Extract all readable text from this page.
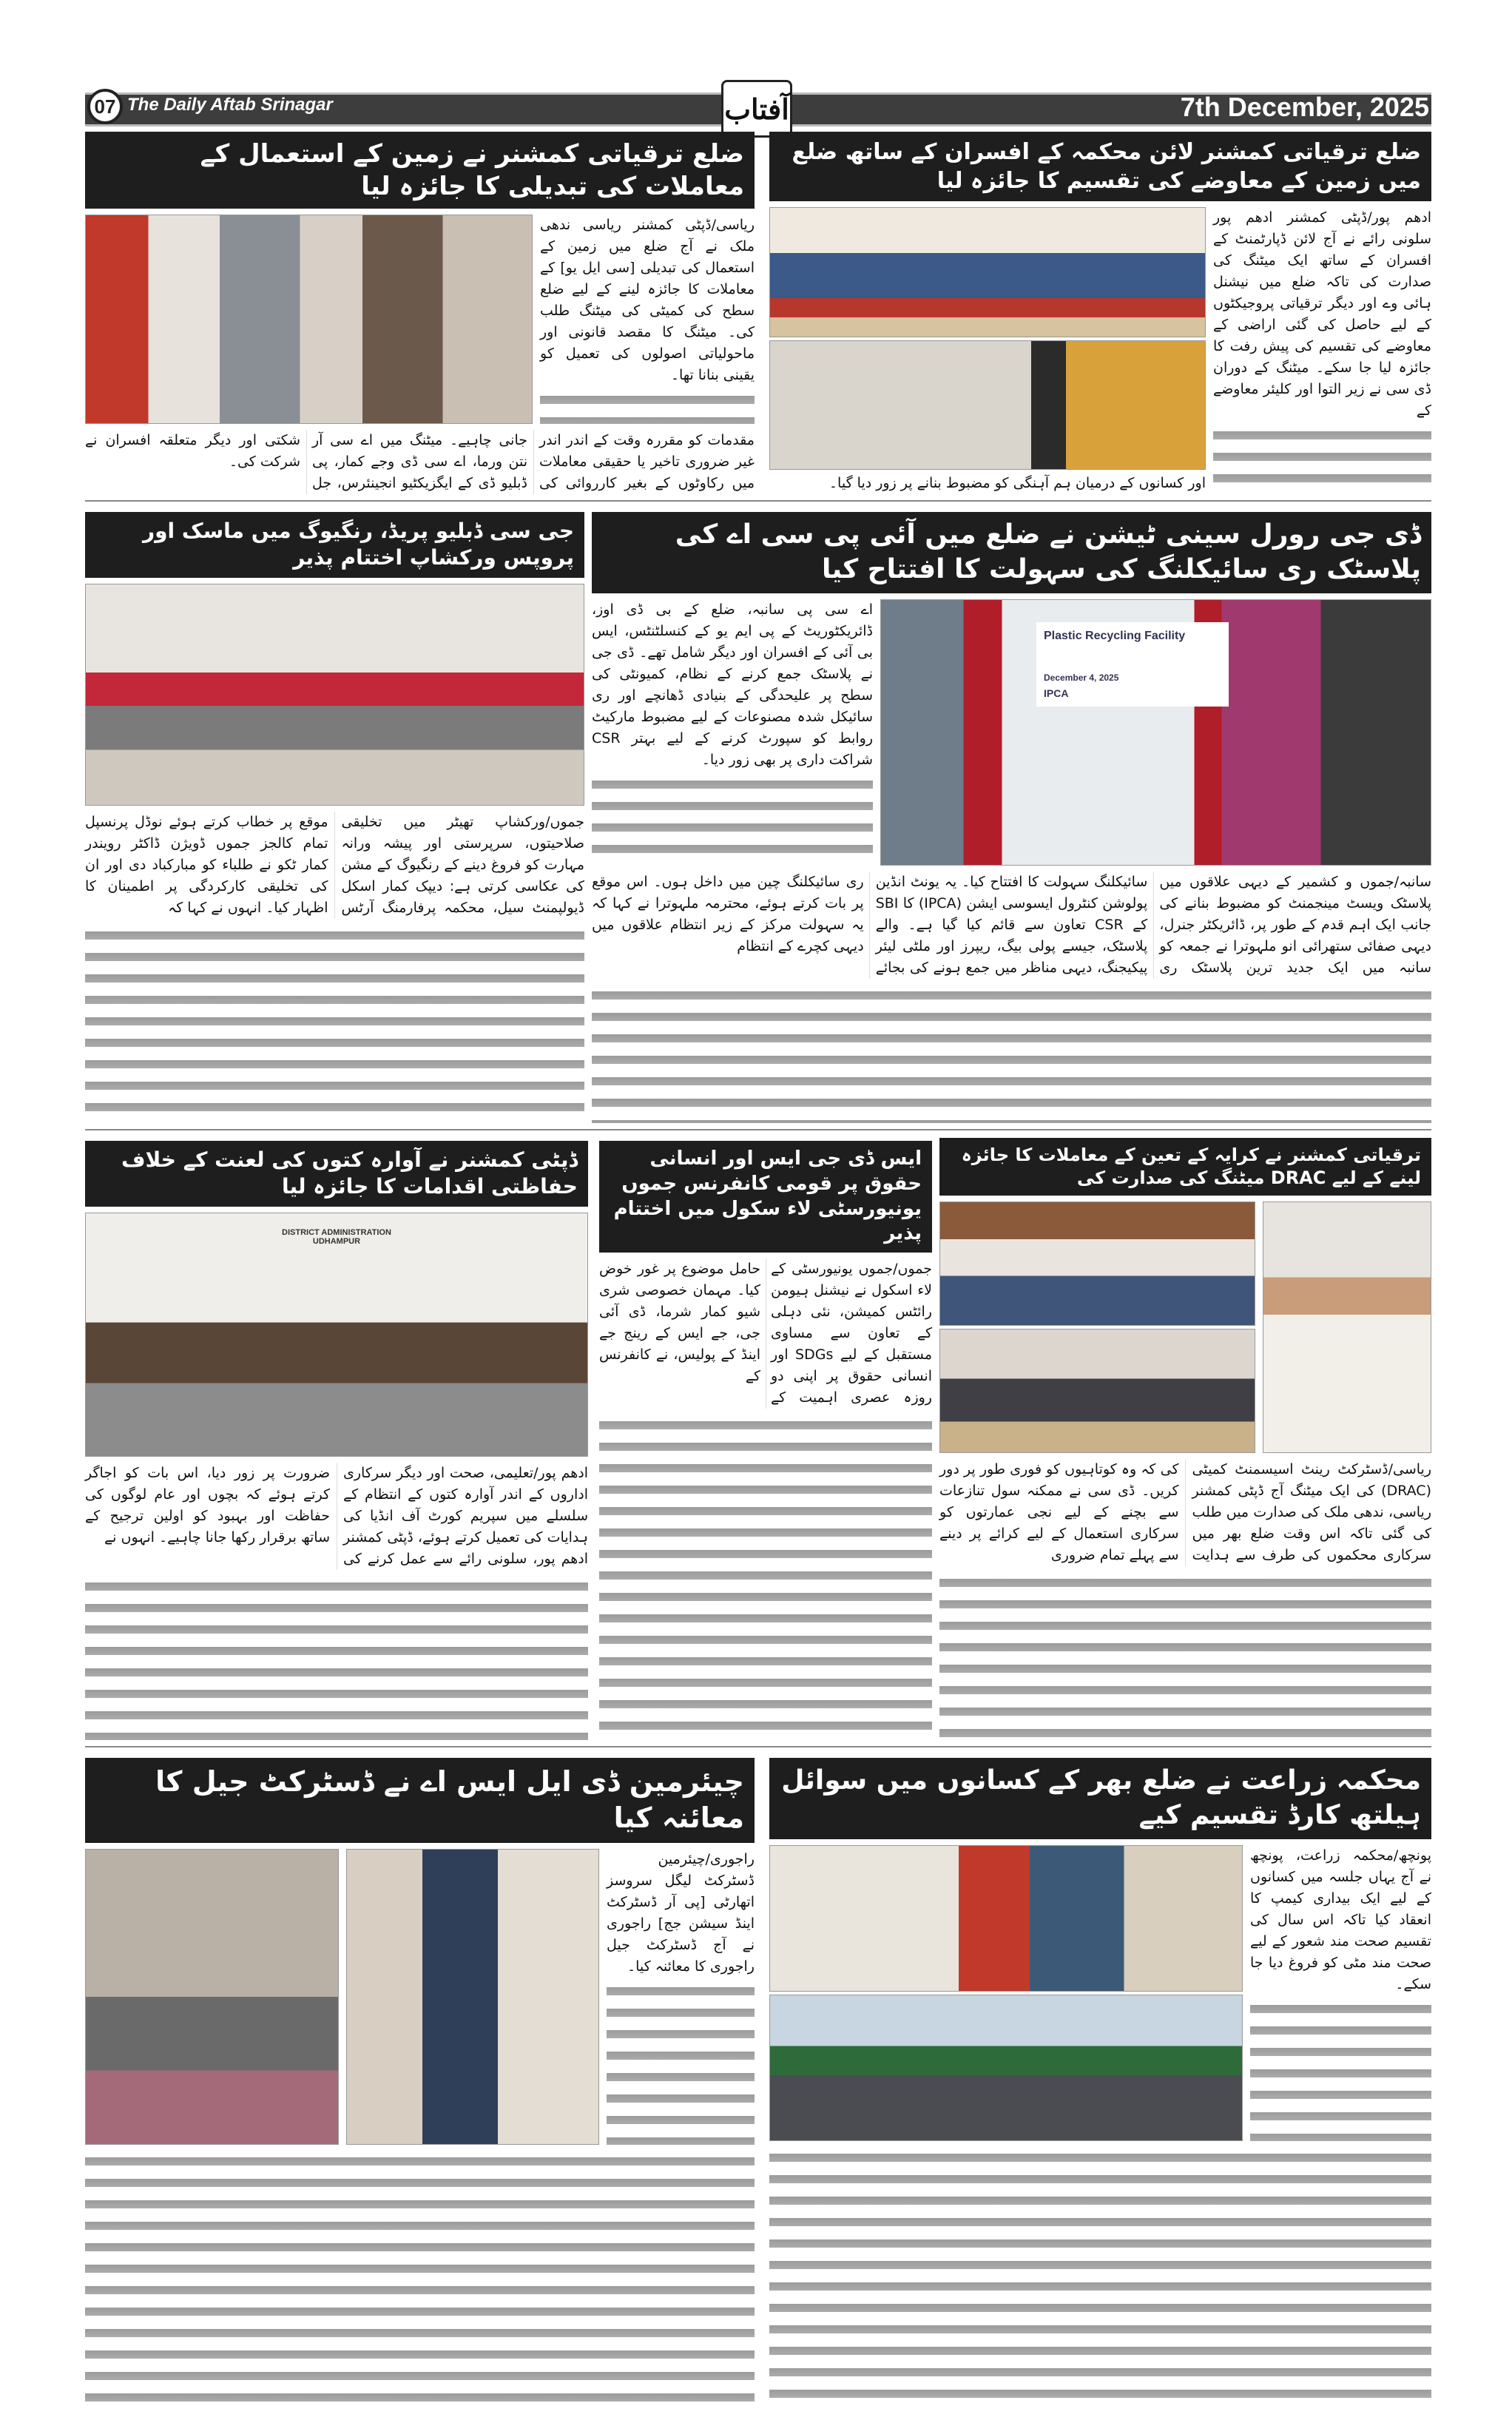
07 The Daily Aftab Srinagar	آفتاب	7th December, 2025
ضلع ترقیاتی کمشنر نے زمین کے استعمال کے معاملات کی تبدیلی کا جائزہ لیا
ریاسی/ڈپٹی کمشنر ریاسی ندھی ملک نے آج ضلع میں زمین کے استعمال کی تبدیلی [سی ایل یو] کے معاملات کا جائزہ لینے کے لیے ضلع سطح کی کمیٹی کی میٹنگ طلب کی۔ میٹنگ کا مقصد قانونی اور ماحولیاتی اصولوں کی تعمیل کو یقینی بنانا تھا۔
مقدمات کو مقررہ وقت کے اندر اندر غیر ضروری تاخیر یا حقیقی معاملات میں رکاوٹوں کے بغیر کارروائی کی جانی چاہیے۔ میٹنگ میں اے سی آر نتن ورما، اے سی ڈی وجے کمار، پی ڈبلیو ڈی کے ایگزیکٹیو انجینئرس، جل شکتی اور دیگر متعلقہ افسران نے شرکت کی۔
ضلع ترقیاتی کمشنر لائن محکمہ کے افسران کے ساتھ ضلع میں زمین کے معاوضے کی تقسیم کا جائزہ لیا
ادھم پور/ڈپٹی کمشنر ادھم پور سلونی رائے نے آج لائن ڈپارٹمنٹ کے افسران کے ساتھ ایک میٹنگ کی صدارت کی تاکہ ضلع میں نیشنل ہائی وے اور دیگر ترقیاتی پروجیکٹوں کے لیے حاصل کی گئی اراضی کے معاوضے کی تقسیم کی پیش رفت کا جائزہ لیا جا سکے۔ میٹنگ کے دوران ڈی سی نے زیر التوا اور کلیئر معاوضے کے
اور کسانوں کے درمیان ہم آہنگی کو مضبوط بنانے پر زور دیا گیا۔
جی سی ڈبلیو پریڈ، رنگیوگ میں ماسک اور پروپس ورکشاپ اختتام پذیر
جموں/ورکشاپ تھیٹر میں تخلیقی صلاحیتوں، سرپرستی اور پیشہ ورانہ مہارت کو فروغ دینے کے رنگیوگ کے مشن کی عکاسی کرتی ہے: دیپک کمار اسکل ڈیولپمنٹ سیل، محکمہ پرفارمنگ آرٹس موقع پر خطاب کرتے ہوئے نوڈل پرنسپل تمام کالجز جموں ڈویژن ڈاکٹر رویندر کمار ٹکو نے طلباء کو مبارکباد دی اور ان کی تخلیقی کارکردگی پر اطمینان کا اظہار کیا۔ انہوں نے کہا کہ
ڈی جی رورل سینی ٹیشن نے ضلع میں آئی پی سی اے کی پلاسٹک ری سائیکلنگ کی سہولت کا افتتاح کیا
Plastic Recycling Facility
December 4, 2025
IPCA
اے سی پی سانبہ، ضلع کے بی ڈی اوز، ڈائریکٹوریٹ کے پی ایم یو کے کنسلٹنٹس، ایس بی آئی کے افسران اور دیگر شامل تھے۔ ڈی جی نے پلاسٹک جمع کرنے کے نظام، کمیونٹی کی سطح پر علیحدگی کے بنیادی ڈھانچے اور ری سائیکل شدہ مصنوعات کے لیے مضبوط مارکیٹ روابط کو سپورٹ کرنے کے لیے بہتر CSR شراکت داری پر بھی زور دیا۔
سانبہ/جموں و کشمیر کے دیہی علاقوں میں پلاسٹک ویسٹ مینجمنٹ کو مضبوط بنانے کی جانب ایک اہم قدم کے طور پر، ڈائریکٹر جنرل، دیہی صفائی ستھرائی انو ملہوترا نے جمعہ کو سانبہ میں ایک جدید ترین پلاسٹک ری سائیکلنگ سہولت کا افتتاح کیا۔ یہ یونٹ انڈین پولوشن کنٹرول ایسوسی ایشن (IPCA) کا SBI کے CSR تعاون سے قائم کیا گیا ہے۔ والے پلاسٹک، جیسے پولی بیگ، ریپرز اور ملٹی لیئر پیکیجنگ، دیہی مناظر میں جمع ہونے کی بجائے ری سائیکلنگ چین میں داخل ہوں۔ اس موقع پر بات کرتے ہوئے، محترمہ ملہوترا نے کہا کہ یہ سہولت مرکز کے زیر انتظام علاقوں میں دیہی کچرے کے انتظام
ڈپٹی کمشنر نے آوارہ کتوں کی لعنت کے خلاف حفاظتی اقدامات کا جائزہ لیا
DISTRICT ADMINISTRATION UDHAMPUR
ادھم پور/تعلیمی، صحت اور دیگر سرکاری اداروں کے اندر آوارہ کتوں کے انتظام کے سلسلے میں سپریم کورٹ آف انڈیا کی ہدایات کی تعمیل کرتے ہوئے، ڈپٹی کمشنر ادھم پور، سلونی رائے سے عمل کرنے کی ضرورت پر زور دیا، اس بات کو اجاگر کرتے ہوئے کہ بچوں اور عام لوگوں کی حفاظت اور بہبود کو اولین ترجیح کے ساتھ برقرار رکھا جانا چاہیے۔ انہوں نے
ایس ڈی جی ایس اور انسانی حقوق پر قومی کانفرنس جموں یونیورسٹی لاء سکول میں اختتام پذیر
جموں/جموں یونیورسٹی کے لاء اسکول نے نیشنل ہیومن رائٹس کمیشن، نئی دہلی کے تعاون سے مساوی مستقبل کے لیے SDGs اور انسانی حقوق پر اپنی دو روزہ عصری اہمیت کے حامل موضوع پر غور خوض کیا۔ مہمان خصوصی شری شیو کمار شرما، ڈی آئی جی، جے ایس کے رینج جے اینڈ کے پولیس، نے کانفرنس کے
ترقیاتی کمشنر نے کرایہ کے تعین کے معاملات کا جائزہ لینے کے لیے DRAC میٹنگ کی صدارت کی
ریاسی/ڈسٹرکٹ رینٹ اسیسمنٹ کمیٹی (DRAC) کی ایک میٹنگ آج ڈپٹی کمشنر ریاسی، ندھی ملک کی صدارت میں طلب کی گئی تاکہ اس وقت ضلع بھر میں سرکاری محکموں کی طرف سے ہدایت کی کہ وہ کوتاہیوں کو فوری طور پر دور کریں۔ ڈی سی نے ممکنہ سول تنازعات سے بچنے کے لیے نجی عمارتوں کو سرکاری استعمال کے لیے کرائے پر دینے سے پہلے تمام ضروری
چیئرمین ڈی ایل ایس اے نے ڈسٹرکٹ جیل کا معائنہ کیا
راجوری/چیئرمین ڈسٹرکٹ لیگل سروسز اتھارٹی [پی آر ڈسٹرکٹ اینڈ سیشن جج] راجوری نے آج ڈسٹرکٹ جیل راجوری کا معائنہ کیا۔
محکمہ زراعت نے ضلع بھر کے کسانوں میں سوائل ہیلتھ کارڈ تقسیم کیے
پونچھ/محکمہ زراعت، پونچھ نے آج یہاں جلسہ میں کسانوں کے لیے ایک بیداری کیمپ کا انعقاد کیا تاکہ اس سال کی تقسیم صحت مند شعور کے لیے صحت مند مٹی کو فروغ دیا جا سکے۔
